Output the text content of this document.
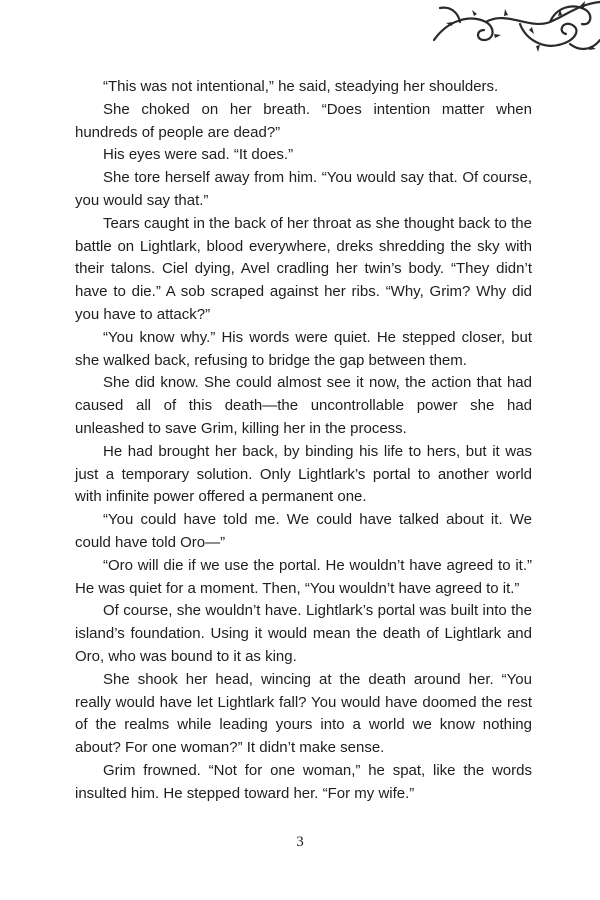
“This was not intentional,” he said, steadying her shoulders.

She choked on her breath. “Does intention matter when hundreds of people are dead?”

His eyes were sad. “It does.”

She tore herself away from him. “You would say that. Of course, you would say that.”

Tears caught in the back of her throat as she thought back to the battle on Lightlark, blood everywhere, dreks shredding the sky with their talons. Ciel dying, Avel cradling her twin’s body. “They didn’t have to die.” A sob scraped against her ribs. “Why, Grim? Why did you have to attack?”

“You know why.” His words were quiet. He stepped closer, but she walked back, refusing to bridge the gap between them.

She did know. She could almost see it now, the action that had caused all of this death—the uncontrollable power she had unleashed to save Grim, killing her in the process.

He had brought her back, by binding his life to hers, but it was just a temporary solution. Only Lightlark’s portal to another world with infinite power offered a permanent one.

“You could have told me. We could have talked about it. We could have told Oro—”

“Oro will die if we use the portal. He wouldn’t have agreed to it.” He was quiet for a moment. Then, “You wouldn’t have agreed to it.”

Of course, she wouldn’t have. Lightlark’s portal was built into the island’s foundation. Using it would mean the death of Lightlark and Oro, who was bound to it as king.

She shook her head, wincing at the death around her. “You really would have let Lightlark fall? You would have doomed the rest of the realms while leading yours into a world we know nothing about? For one woman?” It didn’t make sense.

Grim frowned. “Not for one woman,” he spat, like the words insulted him. He stepped toward her. “For my wife.”

3
